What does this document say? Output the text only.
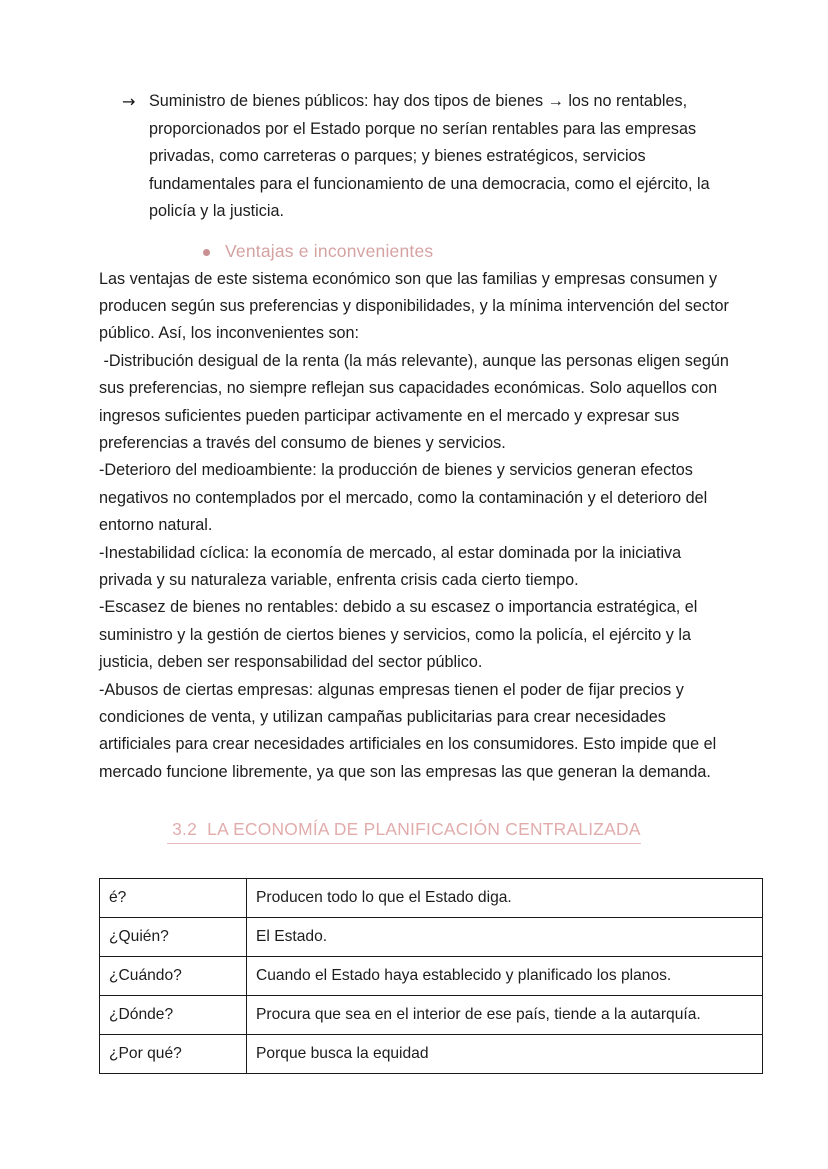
→ Suministro de bienes públicos: hay dos tipos de bienes → los no rentables, proporcionados por el Estado porque no serían rentables para las empresas privadas, como carreteras o parques; y bienes estratégicos, servicios fundamentales para el funcionamiento de una democracia, como el ejército, la policía y la justicia.
Ventajas e inconvenientes

Las ventajas de este sistema económico son que las familias y empresas consumen y producen según sus preferencias y disponibilidades, y la mínima intervención del sector público. Así, los inconvenientes son:

-Distribución desigual de la renta (la más relevante), aunque las personas eligen según sus preferencias, no siempre reflejan sus capacidades económicas. Solo aquellos con ingresos suficientes pueden participar activamente en el mercado y expresar sus preferencias a través del consumo de bienes y servicios.

-Deterioro del medioambiente: la producción de bienes y servicios generan efectos negativos no contemplados por el mercado, como la contaminación y el deterioro del entorno natural.

-Inestabilidad cíclica: la economía de mercado, al estar dominada por la iniciativa privada y su naturaleza variable, enfrenta crisis cada cierto tiempo.

-Escasez de bienes no rentables: debido a su escasez o importancia estratégica, el suministro y la gestión de ciertos bienes y servicios, como la policía, el ejército y la justicia, deben ser responsabilidad del sector público.

-Abusos de ciertas empresas: algunas empresas tienen el poder de fijar precios y condiciones de venta, y utilizan campañas publicitarias para crear necesidades artificiales para crear necesidades artificiales en los consumidores. Esto impide que el mercado funcione libremente, ya que son las empresas las que generan la demanda.

3.2  LA ECONOMÍA DE PLANIFICACIÓN CENTRALIZADA
é?	Producen todo lo que el Estado diga.
¿Quién?	El Estado.
¿Cuándo?	Cuando el Estado haya establecido y planificado los planos.
¿Dónde?	Procura que sea en el interior de ese país, tiende a la autarquía.
¿Por qué?	Porque busca la equidad
